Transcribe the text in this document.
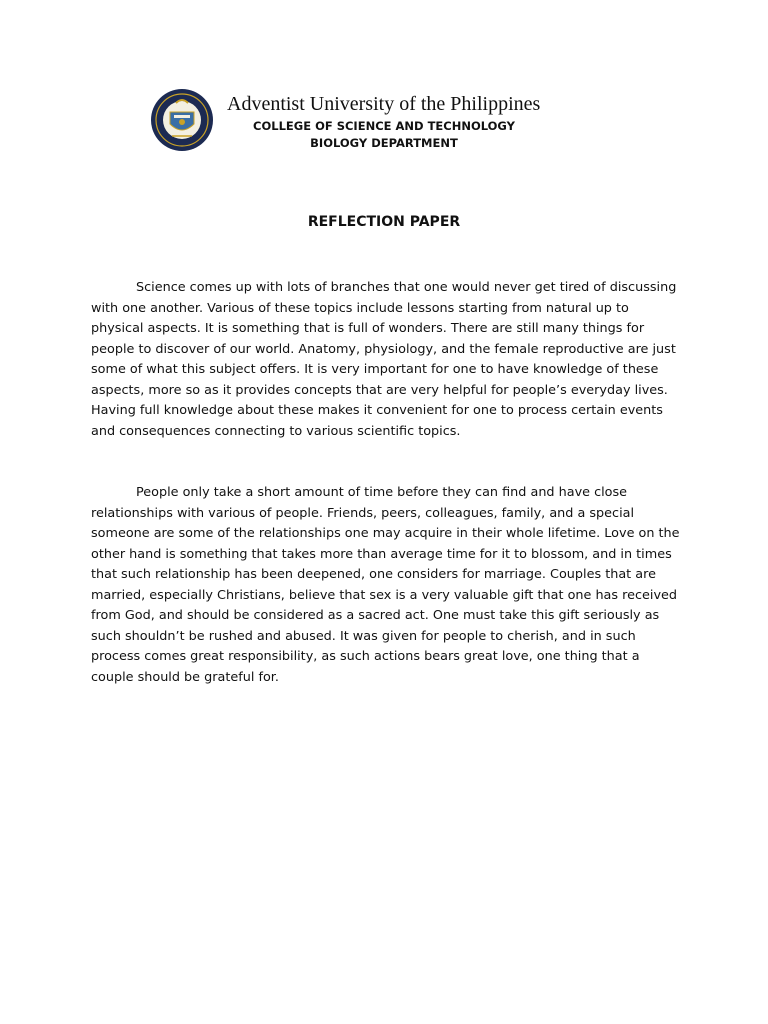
Adventist University of the Philippines
COLLEGE OF SCIENCE AND TECHNOLOGY
BIOLOGY DEPARTMENT
REFLECTION PAPER

Science comes up with lots of branches that one would never get tired of discussing with one another. Various of these topics include lessons starting from natural up to physical aspects. It is something that is full of wonders. There are still many things for people to discover of our world. Anatomy, physiology, and the female reproductive are just some of what this subject offers. It is very important for one to have knowledge of these aspects, more so as it provides concepts that are very helpful for people’s everyday lives. Having full knowledge about these makes it convenient for one to process certain events and consequences connecting to various scientific topics.

People only take a short amount of time before they can find and have close relationships with various of people. Friends, peers, colleagues, family, and a special someone are some of the relationships one may acquire in their whole lifetime. Love on the other hand is something that takes more than average time for it to blossom, and in times that such relationship has been deepened, one considers for marriage. Couples that are married, especially Christians, believe that sex is a very valuable gift that one has received from God, and should be considered as a sacred act. One must take this gift seriously as such shouldn’t be rushed and abused. It was given for people to cherish, and in such process comes great responsibility, as such actions bears great love, one thing that a couple should be grateful for.
